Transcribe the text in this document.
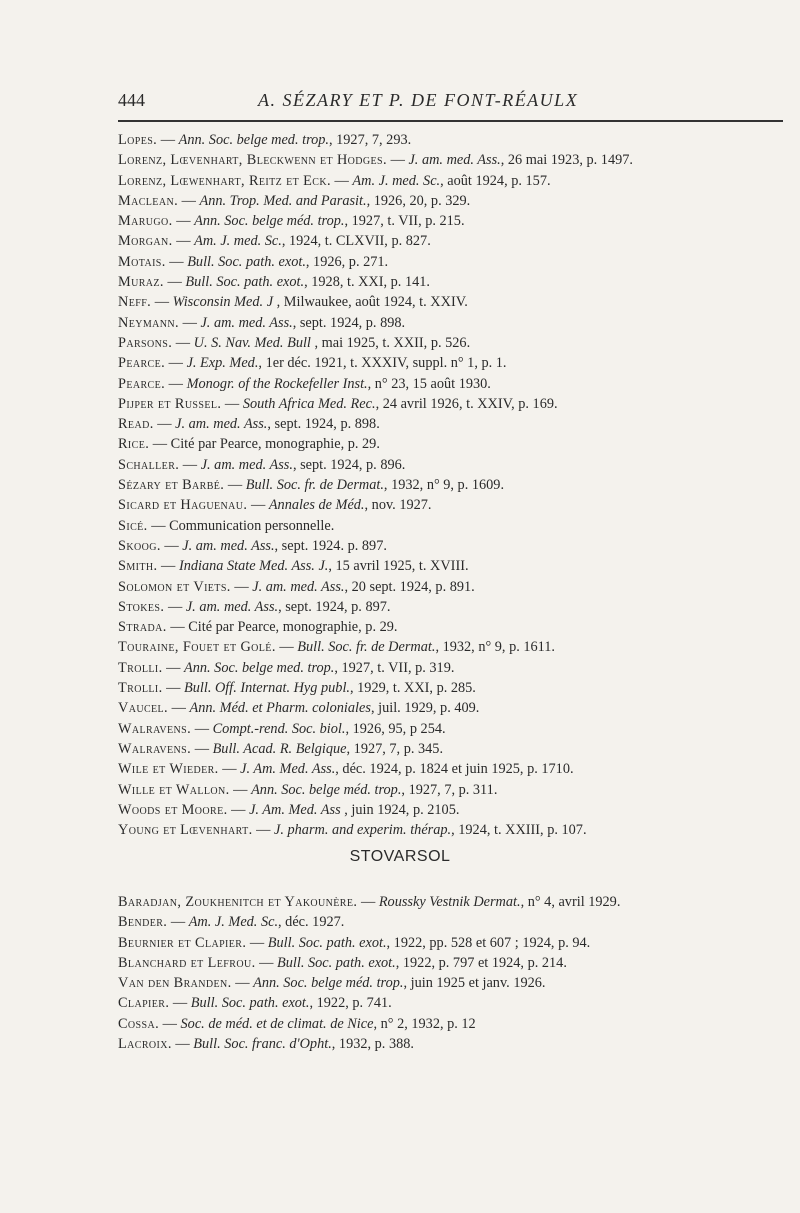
444	A. SÉZARY ET P. DE FONT-RÉAULX

Lopes. — Ann. Soc. belge med. trop., 1927, 7, 293.

Lorenz, Lœvenhart, Bleckwenn et Hodges. — J. am. med. Ass., 26 mai 1923, p. 1497.

Lorenz, Lœwenhart, Reitz et Eck. — Am. J. med. Sc., août 1924, p. 157.

Maclean. — Ann. Trop. Med. and Parasit., 1926, 20, p. 329.

Marugo. — Ann. Soc. belge méd. trop., 1927, t. VII, p. 215.

Morgan. — Am. J. med. Sc., 1924, t. CLXVII, p. 827.

Motais. — Bull. Soc. path. exot., 1926, p. 271.

Muraz. — Bull. Soc. path. exot., 1928, t. XXI, p. 141.

Neff. — Wisconsin Med. J , Milwaukee, août 1924, t. XXIV.

Neymann. — J. am. med. Ass., sept. 1924, p. 898.

Parsons. — U. S. Nav. Med. Bull , mai 1925, t. XXII, p. 526.

Pearce. — J. Exp. Med., 1er déc. 1921, t. XXXIV, suppl. n° 1, p. 1.

Pearce. — Monogr. of the Rockefeller Inst., n° 23, 15 août 1930.

Pijper et Russel. — South Africa Med. Rec., 24 avril 1926, t. XXIV, p. 169.

Read. — J. am. med. Ass., sept. 1924, p. 898.

Rice. — Cité par Pearce, monographie, p. 29.

Schaller. — J. am. med. Ass., sept. 1924, p. 896.

Sézary et Barbé. — Bull. Soc. fr. de Dermat., 1932, n° 9, p. 1609.

Sicard et Haguenau. — Annales de Méd., nov. 1927.

Sicé. — Communication personnelle.

Skoog. — J. am. med. Ass., sept. 1924. p. 897.

Smith. — Indiana State Med. Ass. J., 15 avril 1925, t. XVIII.

Solomon et Viets. — J. am. med. Ass., 20 sept. 1924, p. 891.

Stokes. — J. am. med. Ass., sept. 1924, p. 897.

Strada. — Cité par Pearce, monographie, p. 29.

Touraine, Fouet et Golé. — Bull. Soc. fr. de Dermat., 1932, n° 9, p. 1611.

Trolli. — Ann. Soc. belge med. trop., 1927, t. VII, p. 319.

Trolli. — Bull. Off. Internat. Hyg publ., 1929, t. XXI, p. 285.

Vaucel. — Ann. Méd. et Pharm. coloniales, juil. 1929, p. 409.

Walravens. — Compt.-rend. Soc. biol., 1926, 95, p 254.

Walravens. — Bull. Acad. R. Belgique, 1927, 7, p. 345.

Wile et Wieder. — J. Am. Med. Ass., déc. 1924, p. 1824 et juin 1925, p. 1710.

Wille et Wallon. — Ann. Soc. belge méd. trop., 1927, 7, p. 311.

Woods et Moore. — J. Am. Med. Ass , juin 1924, p. 2105.

Young et Lœvenhart. — J. pharm. and experim. thérap., 1924, t. XXIII, p. 107.

STOVARSOL

Baradjan, Zoukhenitch et Yakounère. — Roussky Vestnik Dermat., n° 4, avril 1929.

Bender. — Am. J. Med. Sc., déc. 1927.

Beurnier et Clapier. — Bull. Soc. path. exot., 1922, pp. 528 et 607 ; 1924, p. 94.

Blanchard et Lefrou. — Bull. Soc. path. exot., 1922, p. 797 et 1924, p. 214.

Van den Branden. — Ann. Soc. belge méd. trop., juin 1925 et janv. 1926.

Clapier. — Bull. Soc. path. exot., 1922, p. 741.

Cossa. — Soc. de méd. et de climat. de Nice, n° 2, 1932, p. 12

Lacroix. — Bull. Soc. franc. d'Opht., 1932, p. 388.
